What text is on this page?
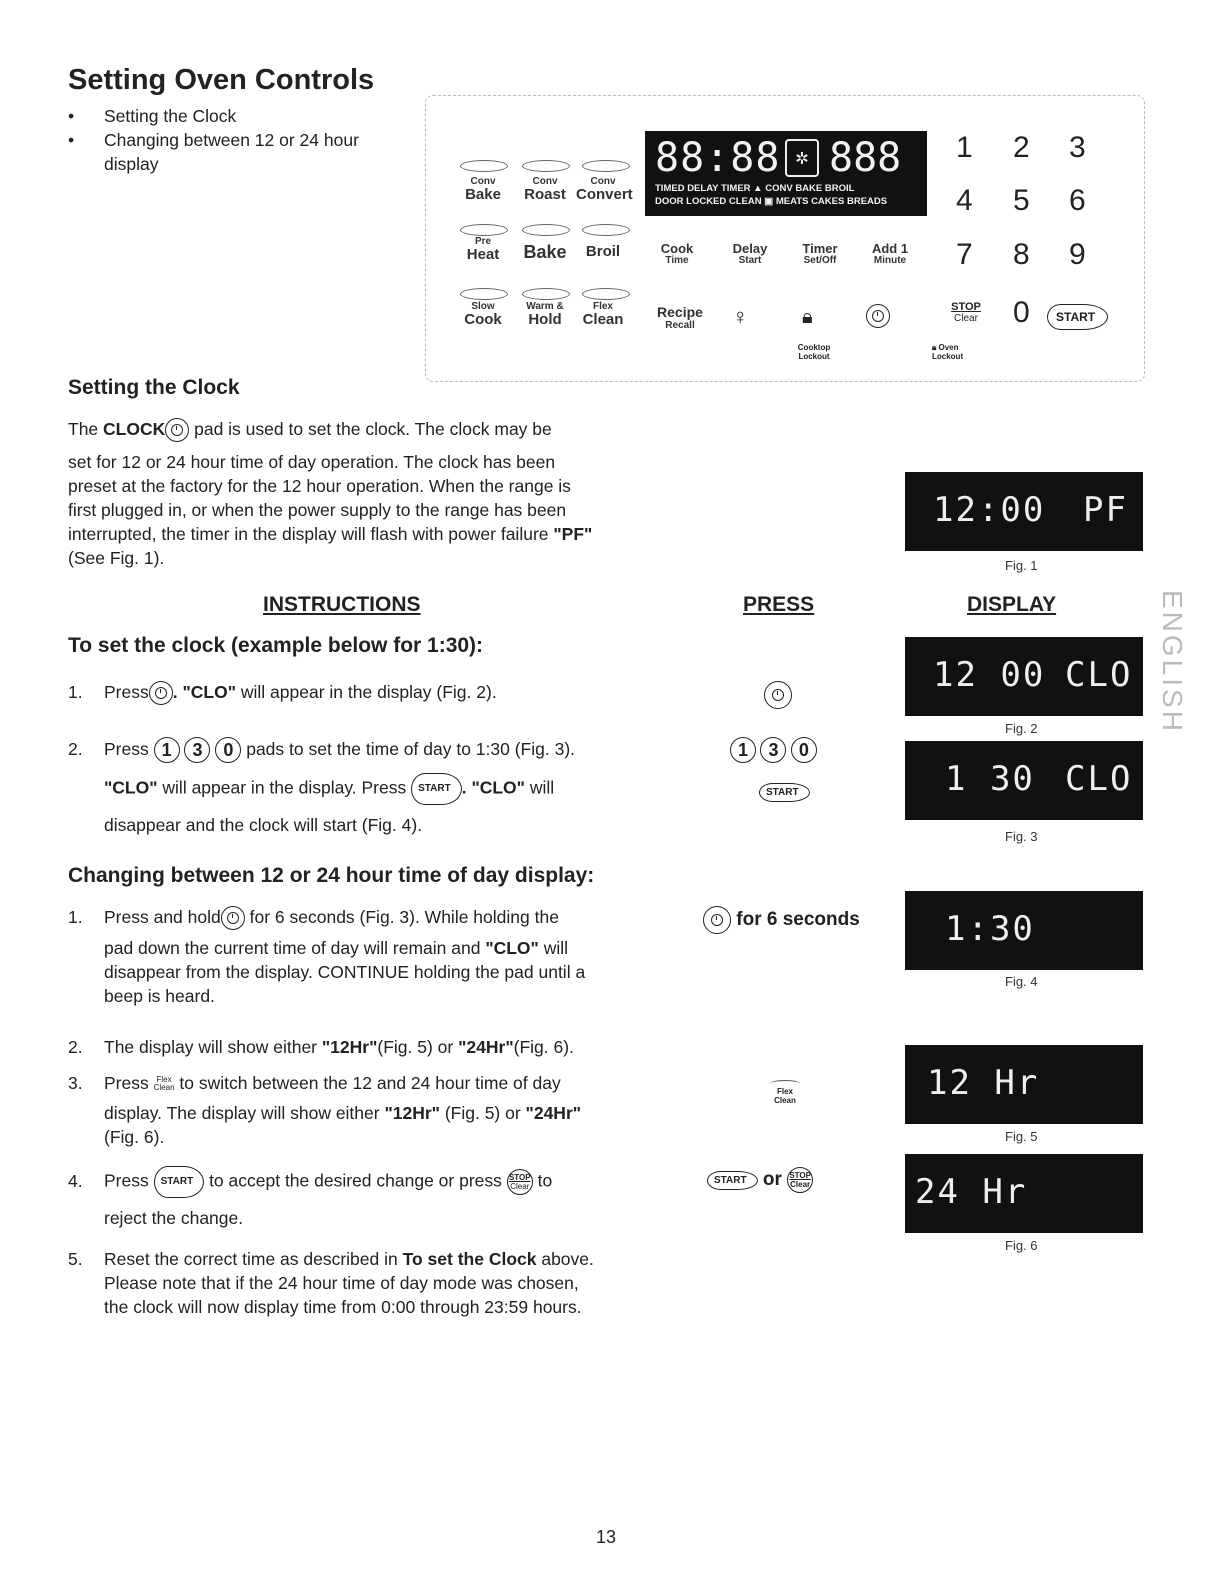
Setting Oven Controls
• Setting the Clock
•	Changing between 12 or 24 hour display	88:88 ✲ 888
TIMED DELAY TIMER ▲ CONV BAKE BROIL
DOOR LOCKED CLEAN ▣ MEATS CAKES BREADS
Conv
Bake
Conv
Roast
Conv
Convert
Pre
Heat	Bake	Broil
Slow
Cook
Warm &
Hold
Flex
Clean
Cook
Time
Delay
Start
Timer
Set/Off
Add 1
Minute
Recipe
Recall	♀	🔒︎
Cooktop Lockout
🔒︎ Oven Lockout
1 2 3
4 5 6
7 8 9
STOP
Clear 0	START
Setting the Clock
The CLOCK
pad is used to set the clock. The clock may be
set for 12 or 24 hour time of day operation. The clock has been
preset at the factory for the 12 hour operation. When the range is
first plugged in, or when the power supply to the range has been
interrupted, the timer in the display will flash with power failure "PF"
(See Fig. 1).
INSTRUCTIONS	PRESS	DISPLAY
To set the clock (example below for 1:30):
1. Press . "CLO" will appear in the display (Fig. 2).
2. Press 1 3 0 pads to set the time of day to 1:30 (Fig. 3).
"CLO" will appear in the display. Press START . "CLO" will
disappear and the clock will start (Fig. 4).
1 3 0
START
Changing between 12 or 24 hour time of day display:
1. Press and hold
for 6 seconds (Fig. 3). While holding the
pad down the current time of day will remain and "CLO" will
disappear from the display. CONTINUE holding the pad until a
beep is heard.
2. The display will show either "12Hr"(Fig. 5) or "24Hr"(Fig. 6).
3. Press Flex
Clean to switch between the 12 and 24 hour time of day
display. The display will show either "12Hr" (Fig. 5) or "24Hr"
(Fig. 6).
4. Press START to accept the desired change or press STOP
Clear to
reject the change.
5. Reset the correct time as described in To set the Clock above.
Please note that if the 24 hour time of day mode was chosen,
the clock will now display time from 0:00 through 23:59 hours.
for 6 seconds
Flex
Clean
START or STOP
Clear
12:00 PF
Fig. 1
12 00 CLO
Fig. 2
1 30 CLO
Fig. 3
1:30
Fig. 4
12 Hr
Fig. 5
24 Hr
Fig. 6
ENGLISH
13
